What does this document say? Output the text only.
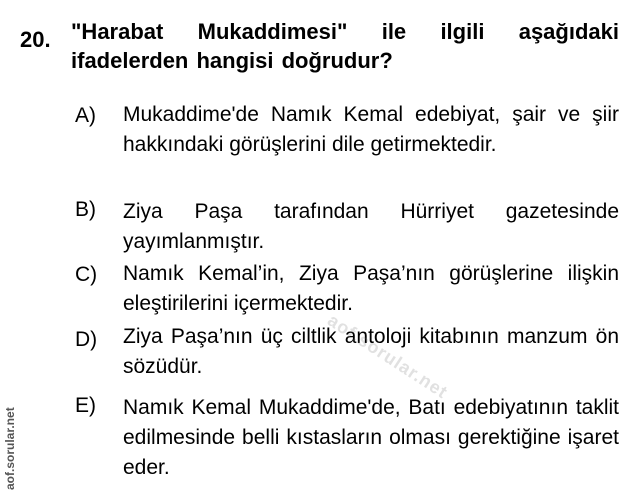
20. "Harabat Mukaddimesi" ile ilgili aşağıdaki ifadelerden hangisi doğrudur?
A) Mukaddime'de Namık Kemal edebiyat, şair ve şiir hakkındaki görüşlerini dile getirmektedir.
B) Ziya Paşa tarafından Hürriyet gazetesinde yayımlanmıştır.
C) Namık Kemal’in, Ziya Paşa’nın görüşlerine ilişkin eleştirilerini içermektedir.
D) Ziya Paşa’nın üç ciltlik antoloji kitabının manzum ön sözüdür.
E) Namık Kemal Mukaddime'de, Batı edebiyatının taklit edilmesinde belli kıstasların olması gerektiğine işaret eder.
aof.sorular.net
aof.sorular.net
